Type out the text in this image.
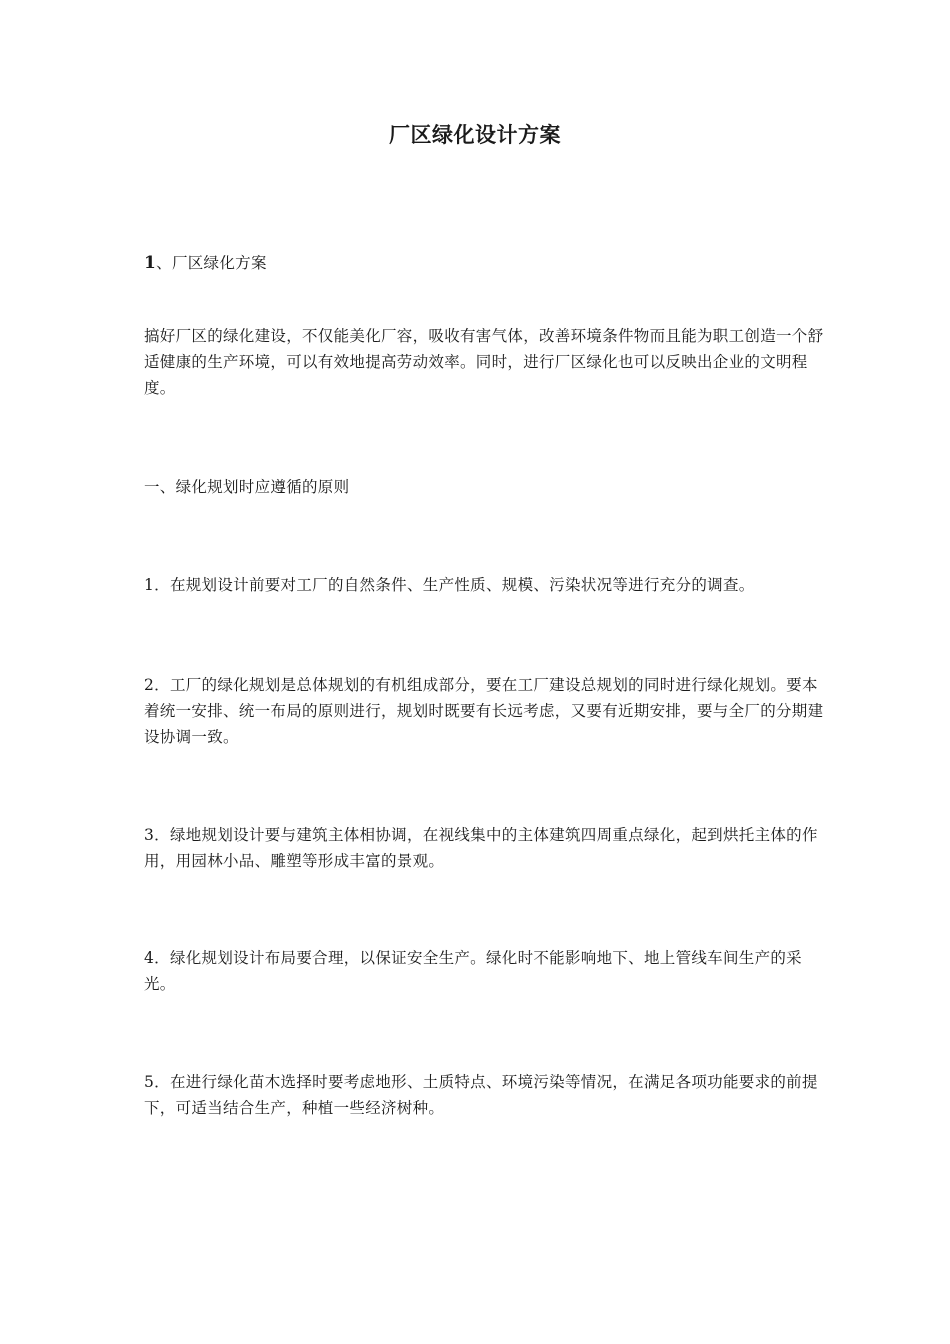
厂区绿化设计方案

1、厂区绿化方案

搞好厂区的绿化建设，不仅能美化厂容，吸收有害气体，改善环境条件物而且能为职工创造一个舒适健康的生产环境，可以有效地提高劳动效率。同时，进行厂区绿化也可以反映出企业的文明程度。

一、绿化规划时应遵循的原则

1．在规划设计前要对工厂的自然条件、生产性质、规模、污染状况等进行充分的调查。

2．工厂的绿化规划是总体规划的有机组成部分，要在工厂建设总规划的同时进行绿化规划。要本着统一安排、统一布局的原则进行，规划时既要有长远考虑，又要有近期安排，要与全厂的分期建设协调一致。

3．绿地规划设计要与建筑主体相协调，在视线集中的主体建筑四周重点绿化，起到烘托主体的作用，用园林小品、雕塑等形成丰富的景观。

4．绿化规划设计布局要合理，以保证安全生产。绿化时不能影响地下、地上管线车间生产的采光。

5．在进行绿化苗木选择时要考虑地形、土质特点、环境污染等情况，在满足各项功能要求的前提下，可适当结合生产，种植一些经济树种。
